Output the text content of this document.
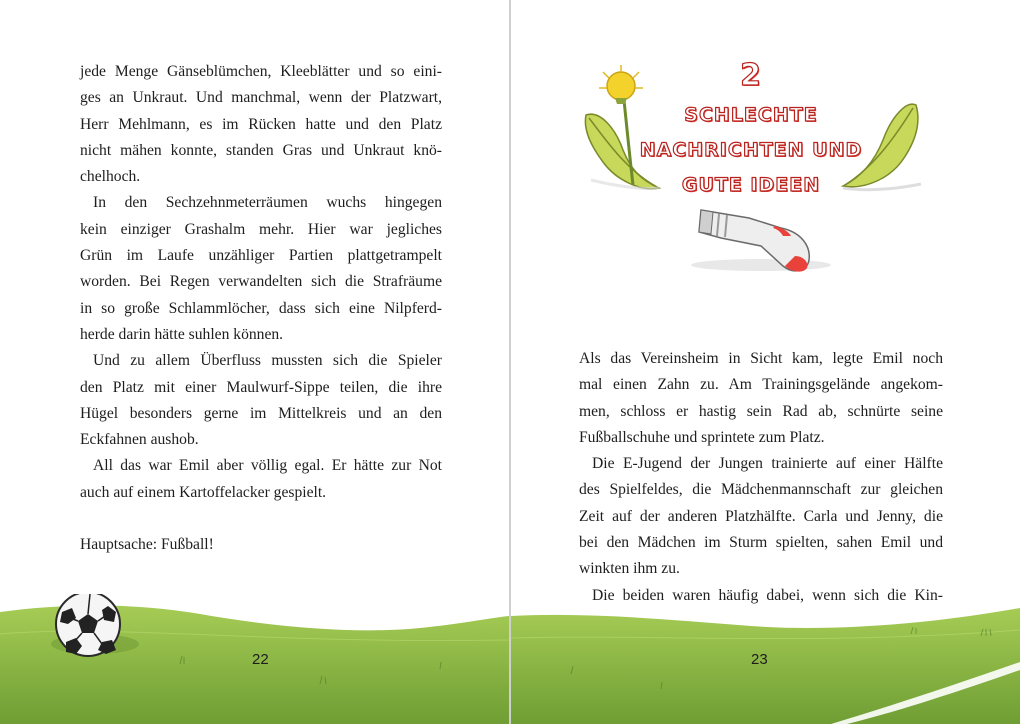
jede Menge Gänseblümchen, Kleeblätter und so eini-
ges an Unkraut. Und manchmal, wenn der Platzwart,
Herr Mehlmann, es im Rücken hatte und den Platz
nicht mähen konnte, standen Gras und Unkraut knö-
chelhoch.
In den Sechzehnmeterräumen wuchs hingegen
kein einziger Grashalm mehr. Hier war jegliches
Grün im Laufe unzähliger Partien plattgetrampelt
worden. Bei Regen verwandelten sich die Strafräume
in so große Schlammlöcher, dass sich eine Nilpferd-
herde darin hätte suhlen können.
Und zu allem Überfluss mussten sich die Spieler
den Platz mit einer Maulwurf-Sippe teilen, die ihre
Hügel besonders gerne im Mittelkreis und an den
Eckfahnen aushob.
All das war Emil aber völlig egal. Er hätte zur Not
auch auf einem Kartoffelacker gespielt.
Hauptsache: Fußball!
22
2
SCHLECHTE
NACHRICHTEN UND
GUTE IDEEN
Als das Vereinsheim in Sicht kam, legte Emil noch
mal einen Zahn zu. Am Trainingsgelände angekom-
men, schloss er hastig sein Rad ab, schnürte seine
Fußballschuhe und sprintete zum Platz.
Die E-Jugend der Jungen trainierte auf einer Hälfte
des Spielfeldes, die Mädchenmannschaft zur gleichen
Zeit auf der anderen Platzhälfte. Carla und Jenny, die
bei den Mädchen im Sturm spielten, sahen Emil und
winkten ihm zu.
Die beiden waren häufig dabei, wenn sich die Kin-
23
